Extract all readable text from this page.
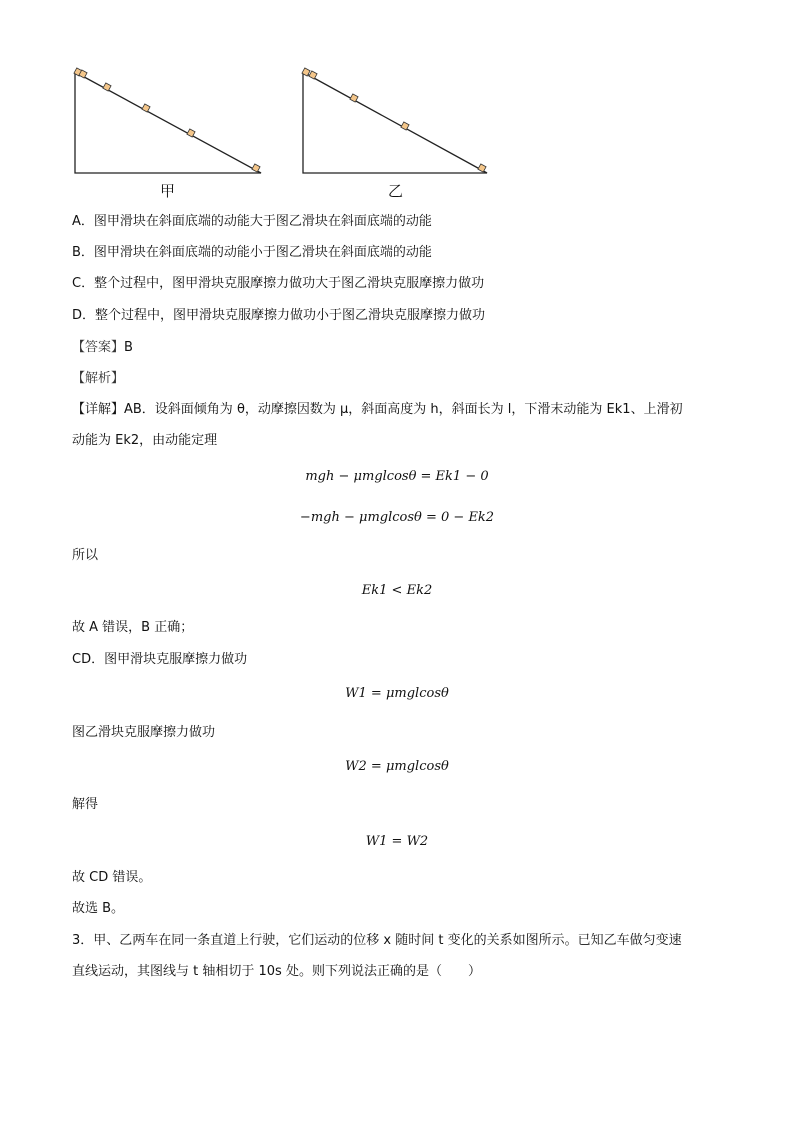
甲	乙
A．图甲滑块在斜面底端的动能大于图乙滑块在斜面底端的动能
B．图甲滑块在斜面底端的动能小于图乙滑块在斜面底端的动能
C．整个过程中，图甲滑块克服摩擦力做功大于图乙滑块克服摩擦力做功
D．整个过程中，图甲滑块克服摩擦力做功小于图乙滑块克服摩擦力做功
【答案】B
【解析】
【详解】AB．设斜面倾角为 θ，动摩擦因数为 μ，斜面高度为 h，斜面长为 l，下滑末动能为 Ek1、上滑初
动能为 Ek2，由动能定理
mgh − μmglcosθ = Ek1 − 0
−mgh − μmglcosθ = 0 − Ek2
所以
Ek1 < Ek2
故 A 错误，B 正确；
CD．图甲滑块克服摩擦力做功
W1 = μmglcosθ
图乙滑块克服摩擦力做功
W2 = μmglcosθ
解得
W1 = W2
故 CD 错误。
故选 B。
3．甲、乙两车在同一条直道上行驶，它们运动的位移 x 随时间 t 变化的关系如图所示。已知乙车做匀变速
直线运动，其图线与 t 轴相切于 10s 处。则下列说法正确的是（　　）
